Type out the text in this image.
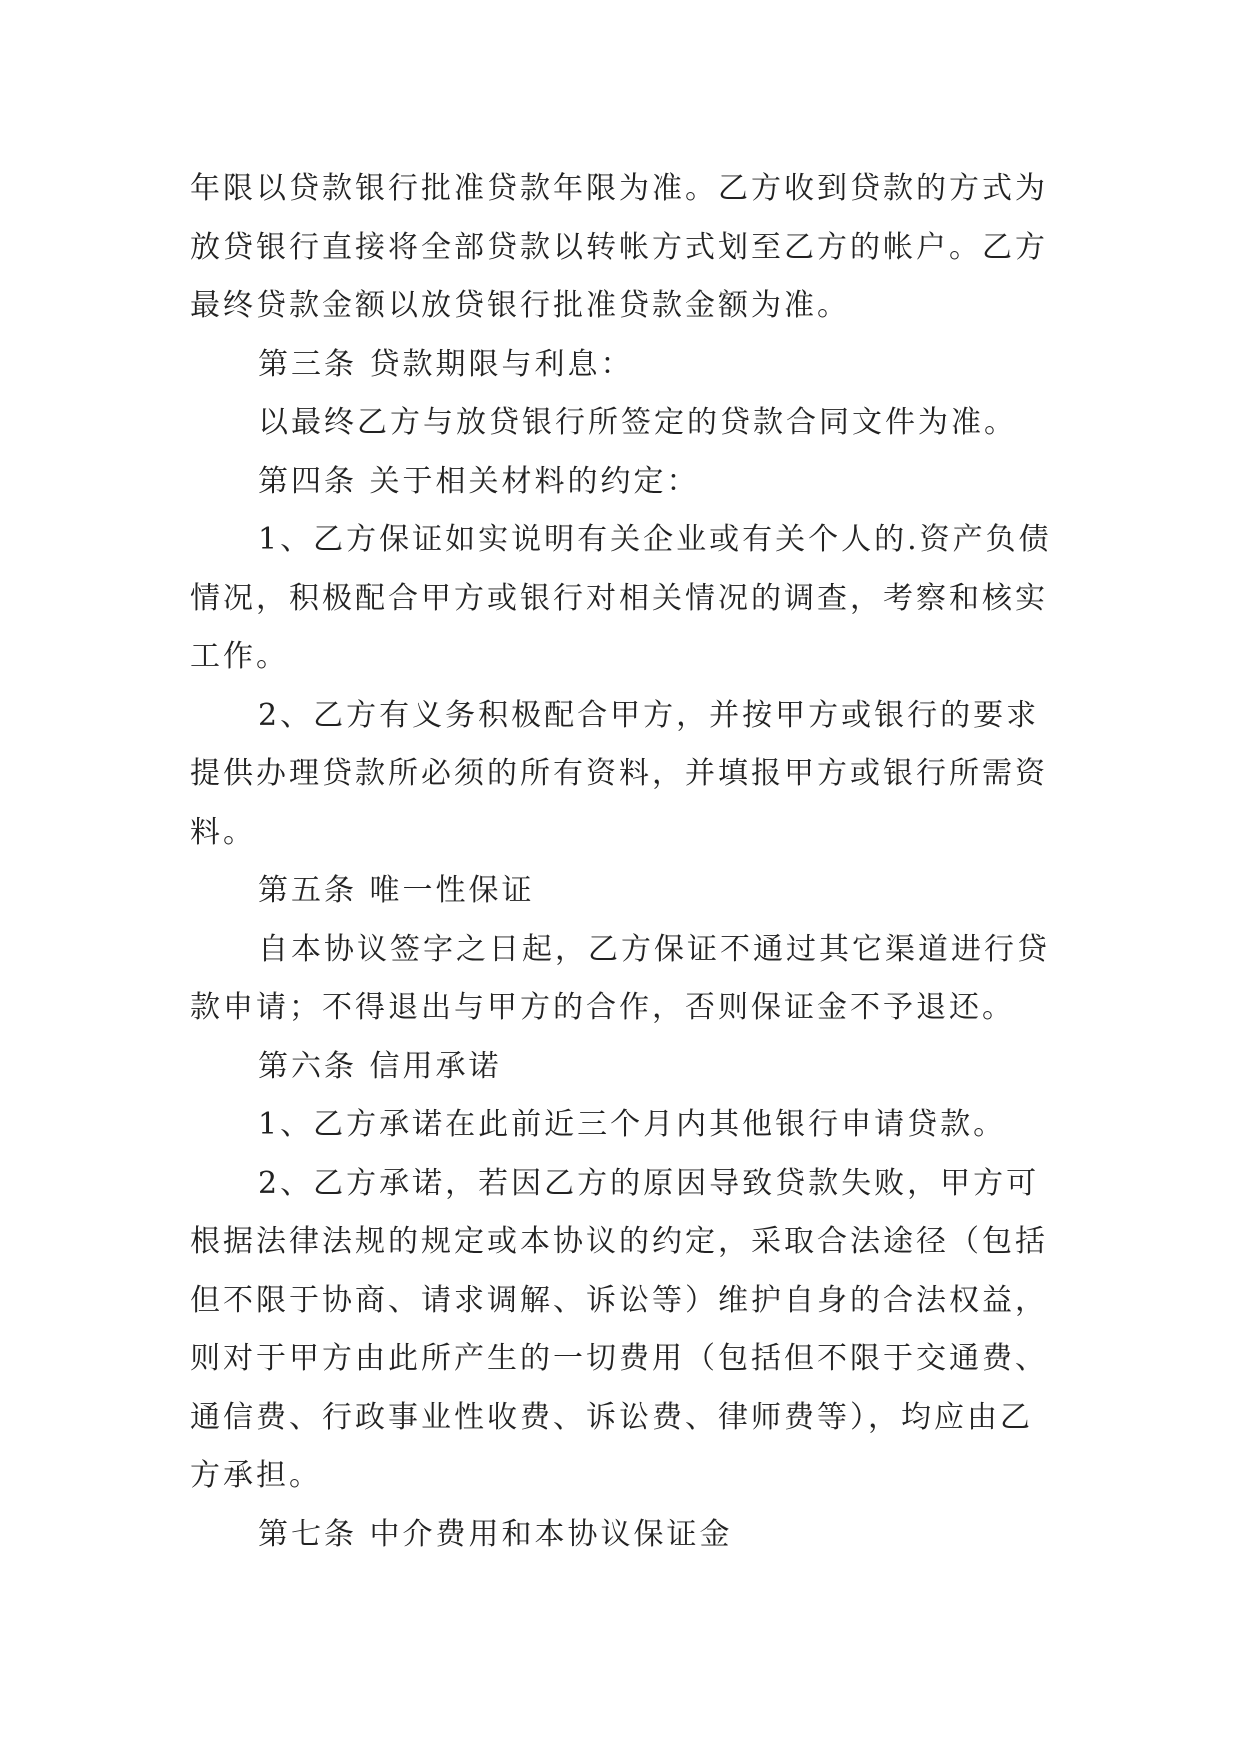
年限以贷款银行批准贷款年限为准。乙方收到贷款的方式为
放贷银行直接将全部贷款以转帐方式划至乙方的帐户。乙方
最终贷款金额以放贷银行批准贷款金额为准。
第三条 贷款期限与利息：
以最终乙方与放贷银行所签定的贷款合同文件为准。
第四条 关于相关材料的约定：
1、乙方保证如实说明有关企业或有关个人的.资产负债
情况，积极配合甲方或银行对相关情况的调查，考察和核实
工作。
2、乙方有义务积极配合甲方，并按甲方或银行的要求
提供办理贷款所必须的所有资料，并填报甲方或银行所需资
料。
第五条 唯一性保证
自本协议签字之日起，乙方保证不通过其它渠道进行贷
款申请；不得退出与甲方的合作，否则保证金不予退还。
第六条 信用承诺
1、乙方承诺在此前近三个月内其他银行申请贷款。
2、乙方承诺，若因乙方的原因导致贷款失败，甲方可
根据法律法规的规定或本协议的约定，采取合法途径（包括
但不限于协商、请求调解、诉讼等）维护自身的合法权益，
则对于甲方由此所产生的一切费用（包括但不限于交通费、
通信费、行政事业性收费、诉讼费、律师费等），均应由乙
方承担。
第七条 中介费用和本协议保证金
